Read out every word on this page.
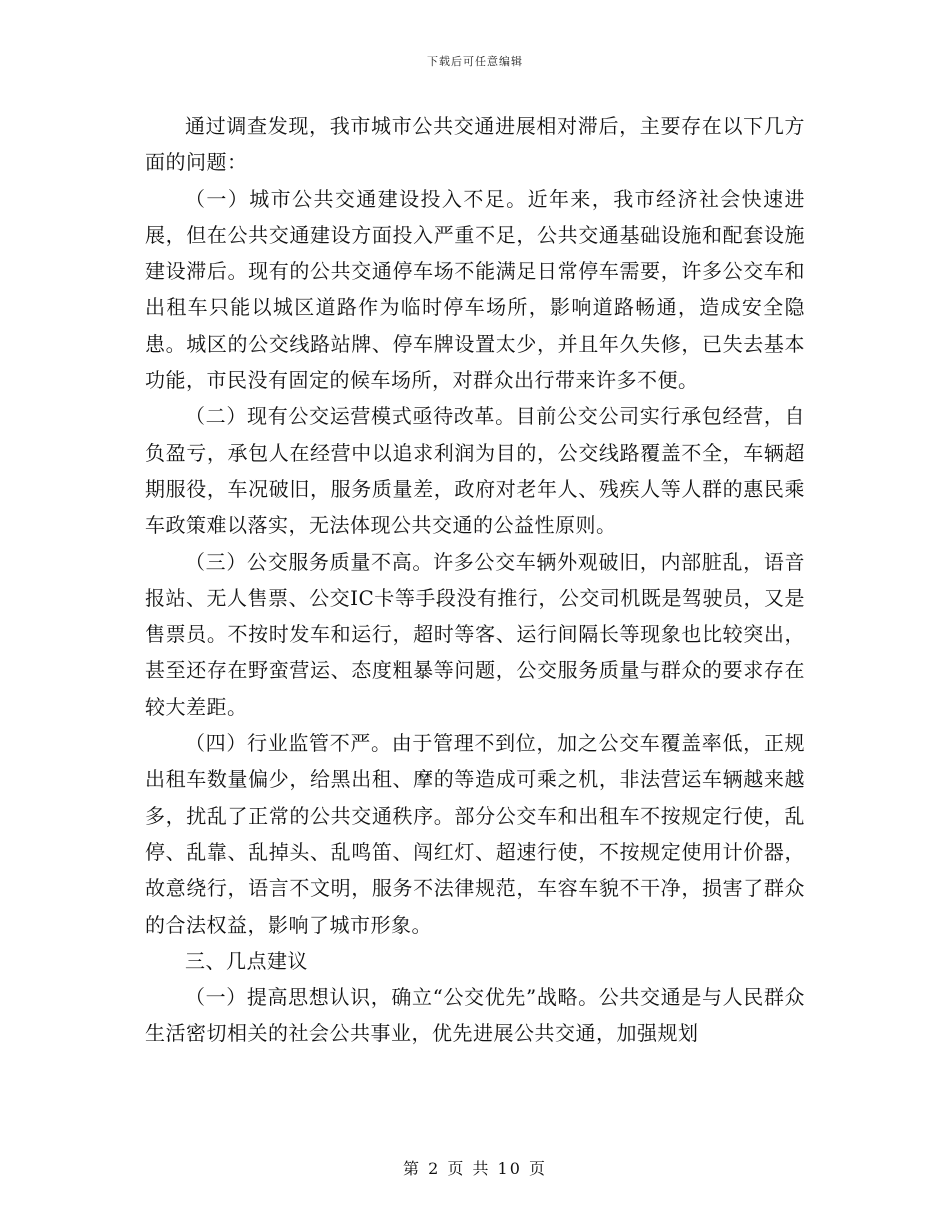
下载后可任意编辑

通过调查发现，我市城市公共交通进展相对滞后，主要存在以下几方面的问题：

（一）城市公共交通建设投入不足。近年来，我市经济社会快速进展，但在公共交通建设方面投入严重不足，公共交通基础设施和配套设施建设滞后。现有的公共交通停车场不能满足日常停车需要，许多公交车和出租车只能以城区道路作为临时停车场所，影响道路畅通，造成安全隐患。城区的公交线路站牌、停车牌设置太少，并且年久失修，已失去基本功能，市民没有固定的候车场所，对群众出行带来许多不便。

（二）现有公交运营模式亟待改革。目前公交公司实行承包经营，自负盈亏，承包人在经营中以追求利润为目的，公交线路覆盖不全，车辆超期服役，车况破旧，服务质量差，政府对老年人、残疾人等人群的惠民乘车政策难以落实，无法体现公共交通的公益性原则。

（三）公交服务质量不高。许多公交车辆外观破旧，内部脏乱，语音报站、无人售票、公交IC卡等手段没有推行，公交司机既是驾驶员，又是售票员。不按时发车和运行，超时等客、运行间隔长等现象也比较突出，甚至还存在野蛮营运、态度粗暴等问题，公交服务质量与群众的要求存在较大差距。

（四）行业监管不严。由于管理不到位，加之公交车覆盖率低，正规出租车数量偏少，给黑出租、摩的等造成可乘之机，非法营运车辆越来越多，扰乱了正常的公共交通秩序。部分公交车和出租车不按规定行使，乱停、乱靠、乱掉头、乱鸣笛、闯红灯、超速行使，不按规定使用计价器，故意绕行，语言不文明，服务不法律规范，车容车貌不干净，损害了群众的合法权益，影响了城市形象。

三、几点建议

（一）提高思想认识，确立“公交优先”战略。公共交通是与人民群众生活密切相关的社会公共事业，优先进展公共交通，加强规划

第 2 页 共 10 页
